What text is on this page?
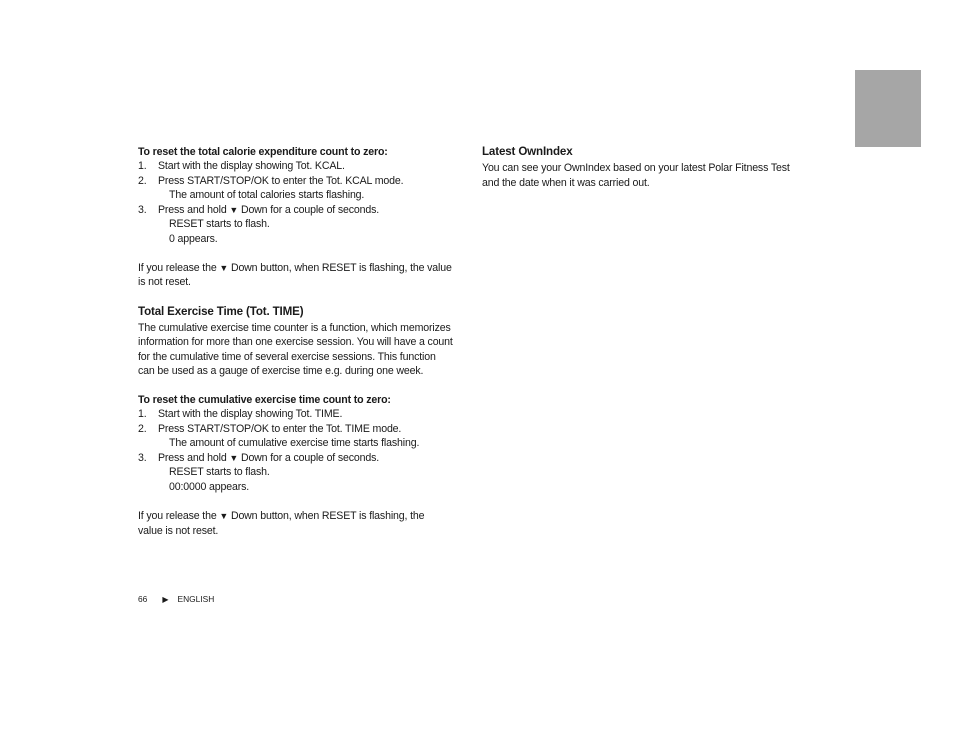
To reset the total calorie expenditure count to zero:
1. Start with the display showing Tot. KCAL.
2. Press START/STOP/OK to enter the Tot. KCAL mode.
The amount of total calories starts flashing.
3. Press and hold ▼ Down for a couple of seconds.
RESET starts to flash.
0 appears.
If you release the ▼ Down button, when RESET is flashing, the value
is not reset.
Total Exercise Time (Tot. TIME)
The cumulative exercise time counter is a function, which memorizes
information for more than one exercise session. You will have a count
for the cumulative time of several exercise sessions. This function
can be used as a gauge of exercise time e.g. during one week.
To reset the cumulative exercise time count to zero:
1. Start with the display showing Tot. TIME.
2. Press START/STOP/OK to enter the Tot. TIME mode.
The amount of cumulative exercise time starts flashing.
3. Press and hold ▼ Down for a couple of seconds.
RESET starts to flash.
00:0000 appears.
If you release the ▼ Down button, when RESET is flashing, the
value is not reset.
Latest OwnIndex
You can see your OwnIndex based on your latest Polar Fitness Test
and the date when it was carried out.
66 ▶ ENGLISH
